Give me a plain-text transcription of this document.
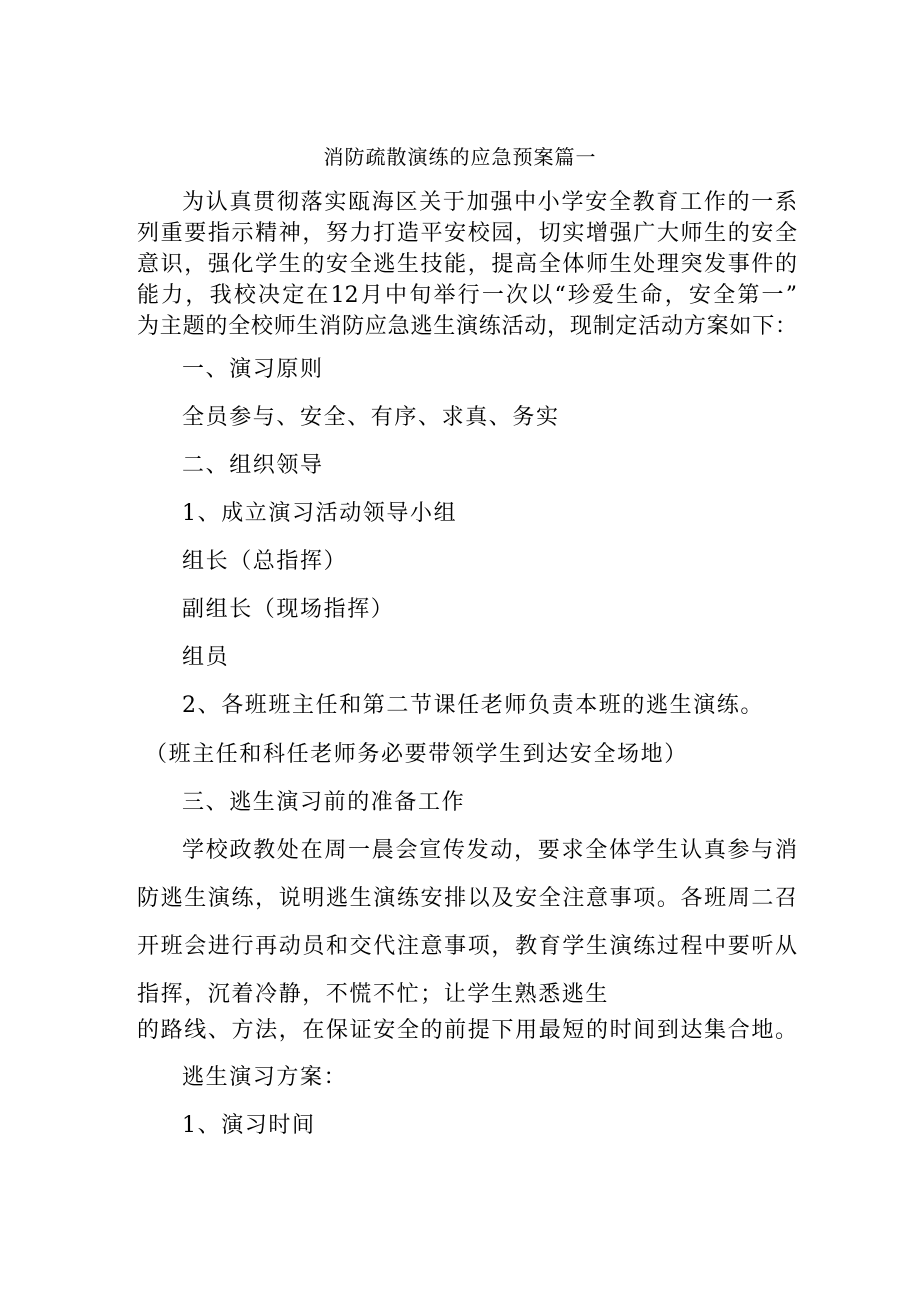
消防疏散演练的应急预案篇一
为认真贯彻落实瓯海区关于加强中小学安全教育工作的一系
列重要指示精神，努力打造平安校园，切实增强广大师生的安全
意识，强化学生的安全逃生技能，提高全体师生处理突发事件的
能力，我校决定在12月中旬举行一次以“珍爱生命，安全第一”
为主题的全校师生消防应急逃生演练活动，现制定活动方案如下：
一、演习原则
全员参与、安全、有序、求真、务实
二、组织领导
1、成立演习活动领导小组
组长（总指挥）
副组长（现场指挥）
组员
2、各班班主任和第二节课任老师负责本班的逃生演练。
（班主任和科任老师务必要带领学生到达安全场地）
三、逃生演习前的准备工作
学校政教处在周一晨会宣传发动，要求全体学生认真参与消
防逃生演练，说明逃生演练安排以及安全注意事项。各班周二召
开班会进行再动员和交代注意事项，教育学生演练过程中要听从
指挥，沉着冷静，不慌不忙；让学生熟悉逃生
的路线、方法，在保证安全的前提下用最短的时间到达集合地。
逃生演习方案：
1、演习时间
